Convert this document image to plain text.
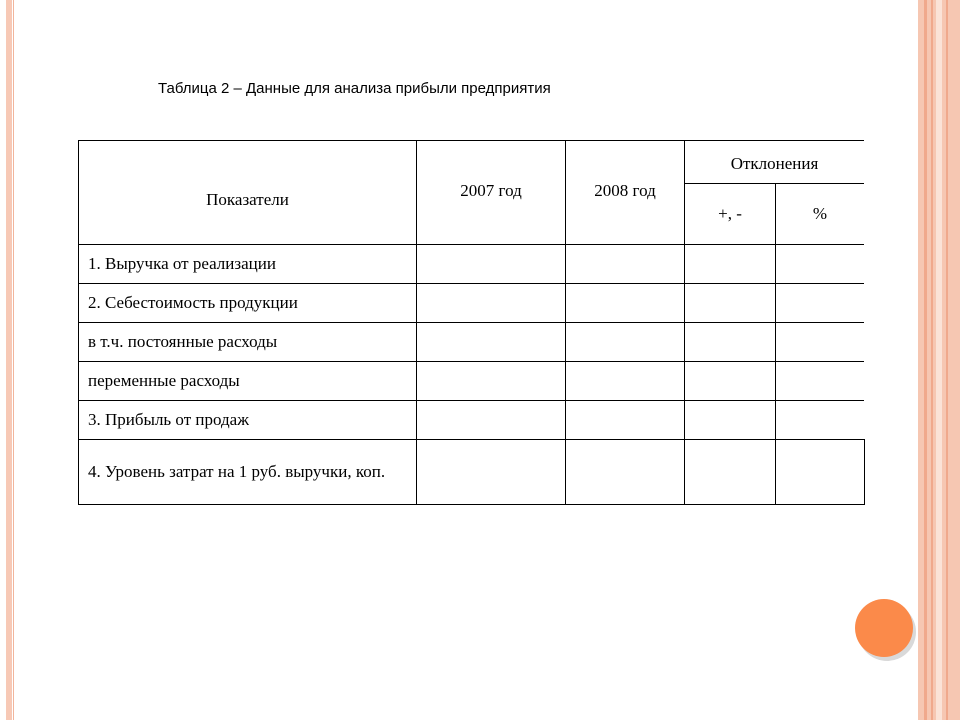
Таблица 2 – Данные для анализа прибыли предприятия
Показатели	2007 год	2008 год	Отклонения	
			+, -	%
1. Выручка от реализации				
2. Себестоимость продукции				
в т.ч. постоянные расходы				
переменные расходы				
3. Прибыль от продаж				
4. Уровень затрат на 1 руб. выручки, коп.				
